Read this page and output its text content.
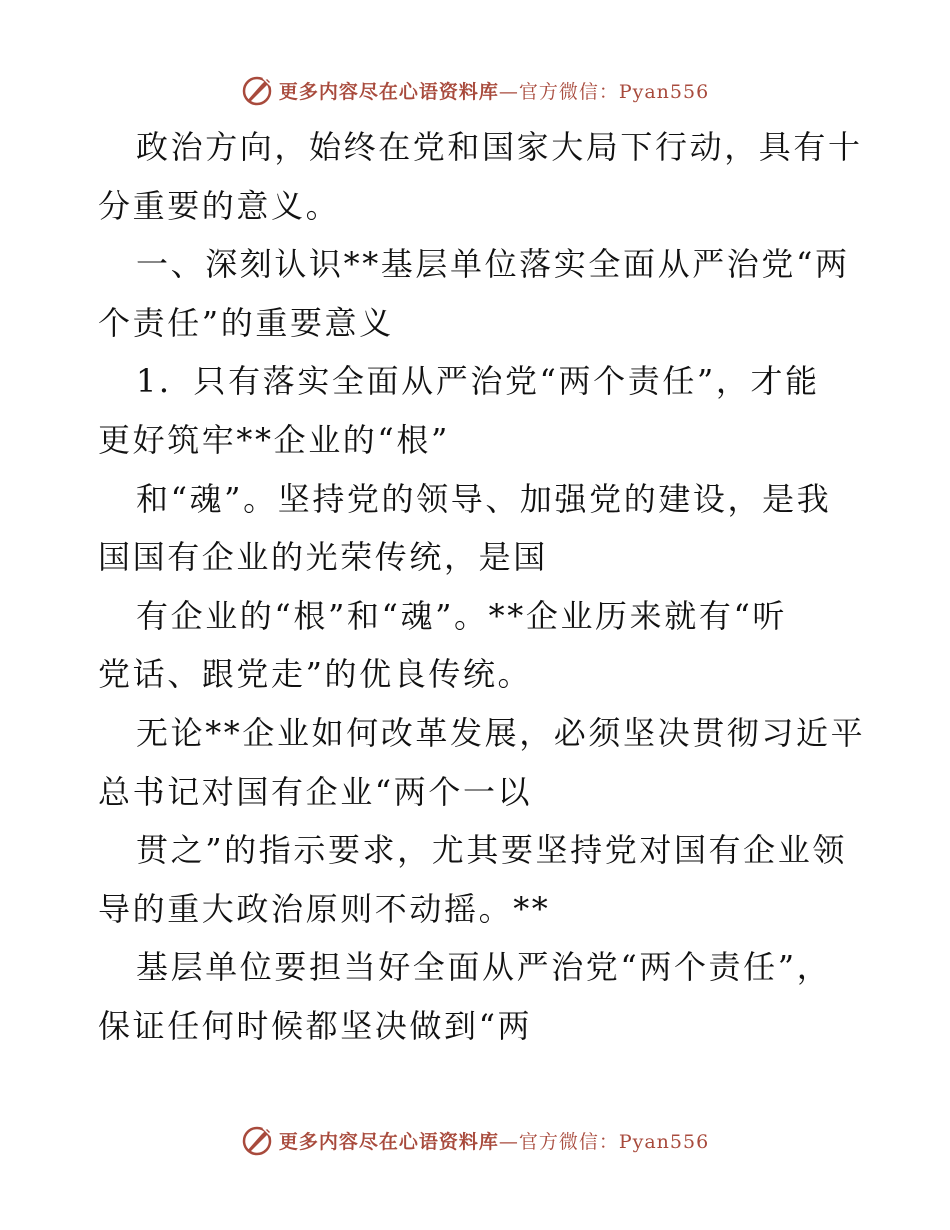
更多内容尽在心语资料库—官方微信：Pyan556
政治方向，始终在党和国家大局下行动，具有十
分重要的意义。
一、深刻认识**基层单位落实全面从严治党“两
个责任”的重要意义
1．只有落实全面从严治党“两个责任”，才能
更好筑牢**企业的“根”
和“魂”。坚持党的领导、加强党的建设，是我
国国有企业的光荣传统，是国
有企业的“根”和“魂”。**企业历来就有“听
党话、跟党走”的优良传统。
无论**企业如何改革发展，必须坚决贯彻习近平
总书记对国有企业“两个一以
贯之”的指示要求，尤其要坚持党对国有企业领
导的重大政治原则不动摇。**
基层单位要担当好全面从严治党“两个责任”，
保证任何时候都坚决做到“两
更多内容尽在心语资料库—官方微信：Pyan556
